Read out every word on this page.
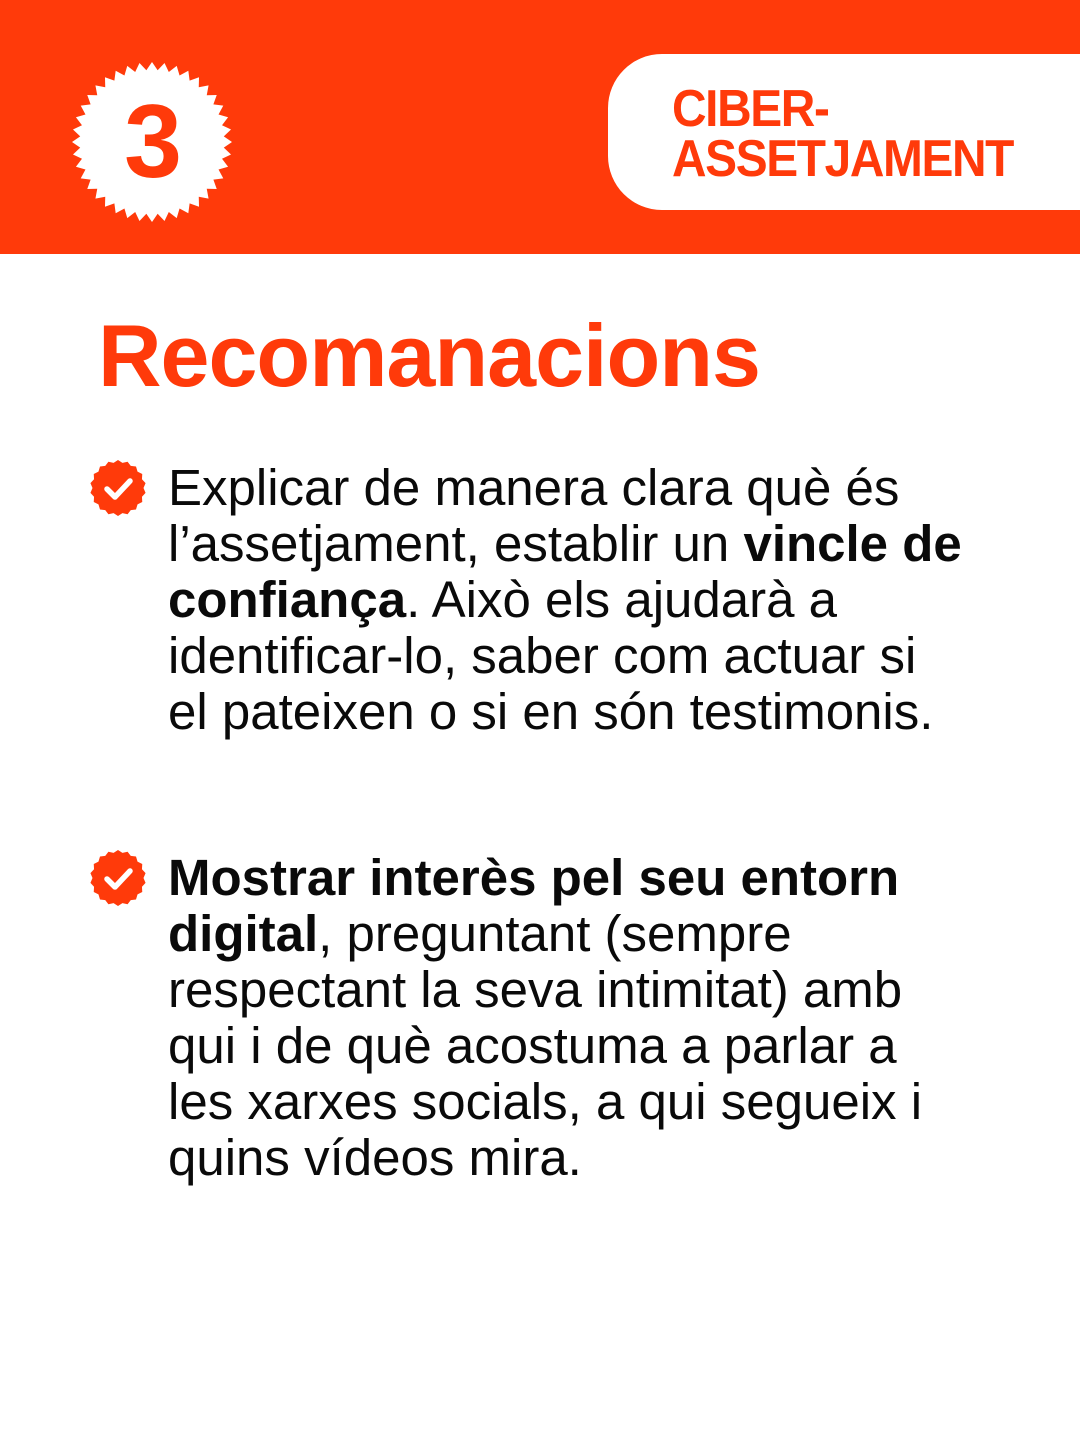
3	CIBER-
ASSETJAMENT
Recomanacions

Explicar de manera clara què és l’assetjament, establir un vincle de confiança. Això els ajudarà a identificar-lo, saber com actuar si el pateixen o si en són testimonis.

Mostrar interès pel seu entorn digital, preguntant (sempre respectant la seva intimitat) amb qui i de què acostuma a parlar a les xarxes socials, a qui segueix i quins vídeos mira.
